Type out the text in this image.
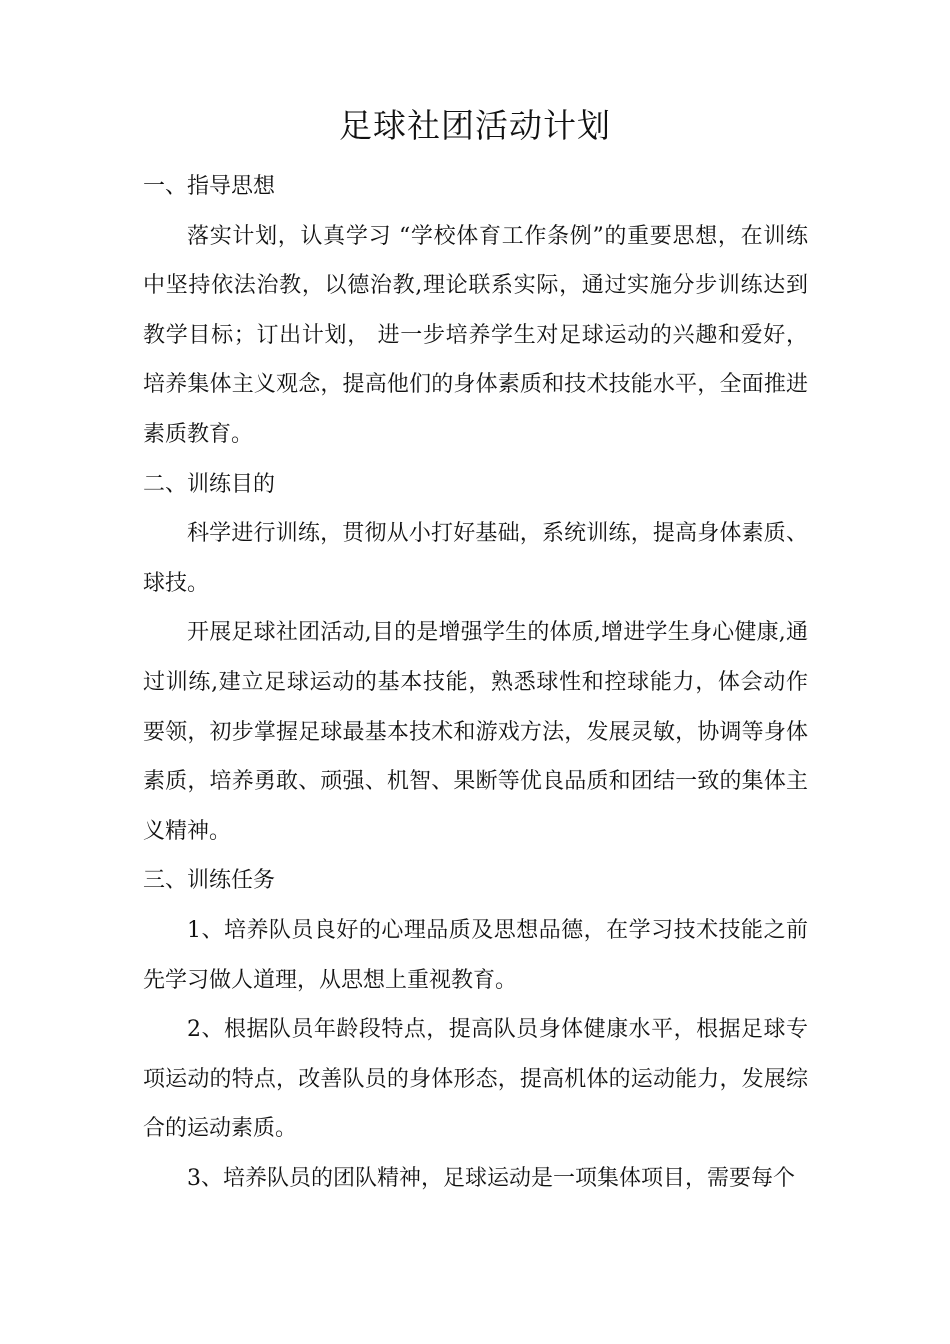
足球社团活动计划

一、指导思想

落实计划，认真学习 “学校体育工作条例”的重要思想，在训练中坚持依法治教，以德治教,理论联系实际，通过实施分步训练达到教学目标；订出计划， 进一步培养学生对足球运动的兴趣和爱好，培养集体主义观念，提高他们的身体素质和技术技能水平，全面推进素质教育。

二、训练目的

科学进行训练，贯彻从小打好基础，系统训练，提高身体素质、球技。

开展足球社团活动,目的是增强学生的体质,增进学生身心健康,通过训练,建立足球运动的基本技能，熟悉球性和控球能力，体会动作要领，初步掌握足球最基本技术和游戏方法，发展灵敏，协调等身体素质，培养勇敢、顽强、机智、果断等优良品质和团结一致的集体主义精神。

三、训练任务

1、培养队员良好的心理品质及思想品德，在学习技术技能之前先学习做人道理，从思想上重视教育。

2、根据队员年龄段特点，提高队员身体健康水平，根据足球专项运动的特点，改善队员的身体形态，提高机体的运动能力，发展综合的运动素质。

3、培养队员的团队精神，足球运动是一项集体项目，需要每个
